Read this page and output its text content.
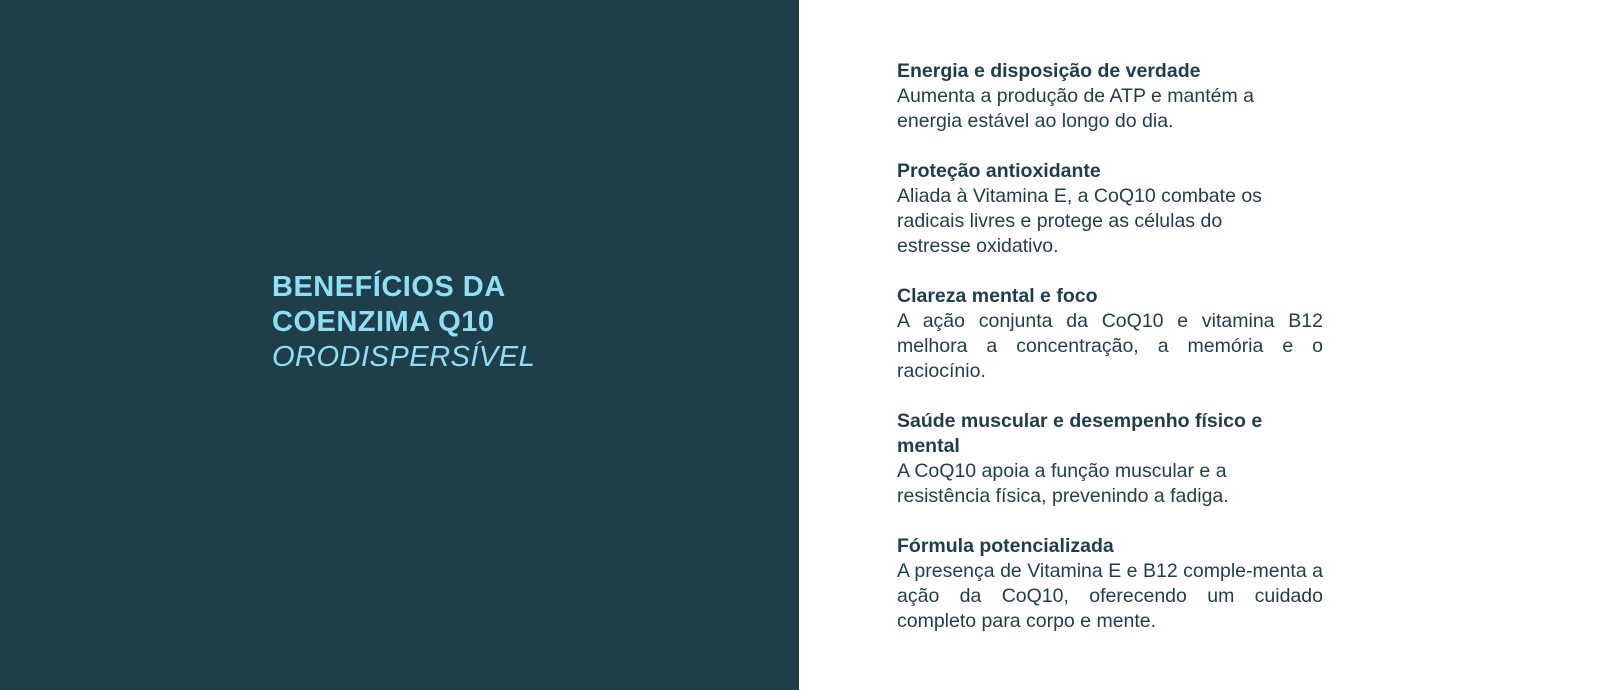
BENEFÍCIOS DA
COENZIMA Q10
ORODISPERSÍVEL
Energia e disposição de verdade
Aumenta a produção de ATP e mantém a energia estável ao longo do dia.
Proteção antioxidante
Aliada à Vitamina E, a CoQ10 combate os radicais livres e protege as células do estresse oxidativo.
Clareza mental e foco
A ação conjunta da CoQ10 e vitamina B12 melhora a concentração, a memória e o raciocínio.
Saúde muscular e desempenho físico e mental
A CoQ10 apoia a função muscular e a resistência física, prevenindo a fadiga.
Fórmula potencializada
A presença de Vitamina E e B12 comple-menta a ação da CoQ10, oferecendo um cuidado completo para corpo e mente.
